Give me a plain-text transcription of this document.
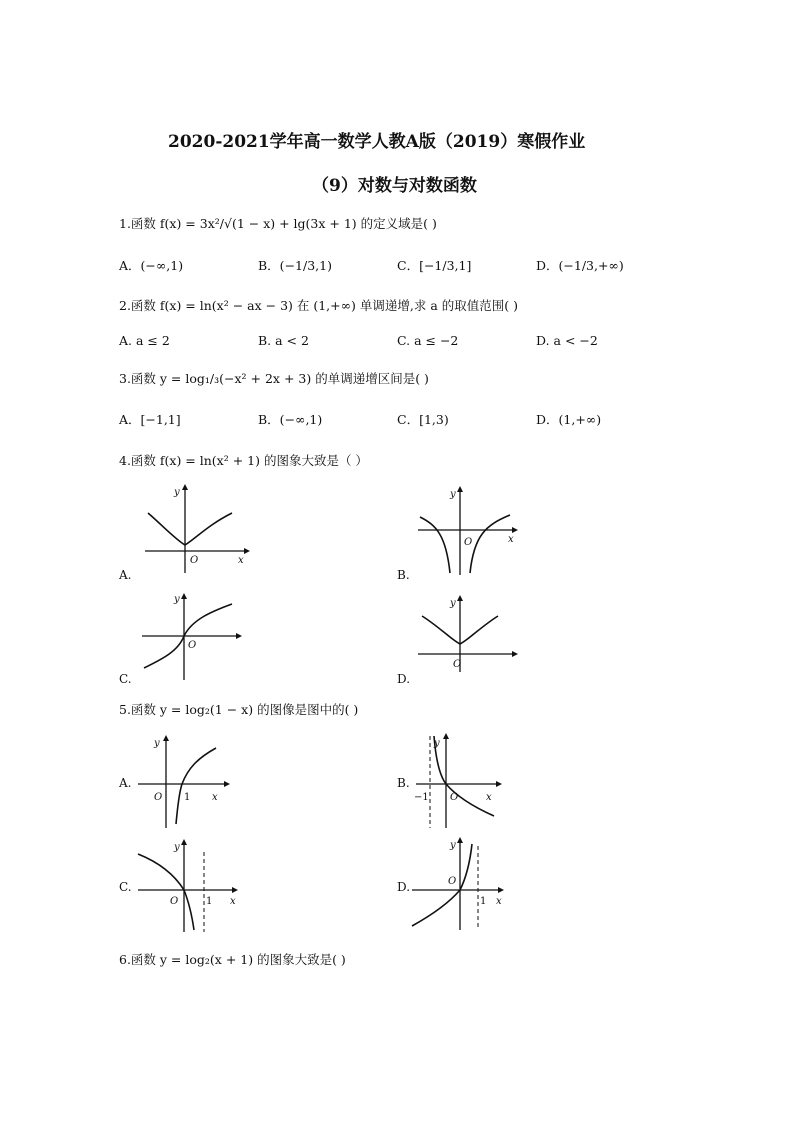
2020-2021学年高一数学人教A版（2019）寒假作业
（9）对数与对数函数
1.函数 f(x) = 3x²/√(1 − x) + lg(3x + 1) 的定义域是( )
A．(−∞,1)	B．(−1/3,1)	C．[−1/3,1]	D．(−1/3,+∞)
2.函数 f(x) = ln(x² − ax − 3) 在 (1,+∞) 单调递增,求 a 的取值范围( )
A. a ≤ 2	B. a < 2	C. a ≤ −2	D. a < −2
3.函数 y = log₁/₃(−x² + 2x + 3) 的单调递增区间是( )
A．[−1,1]	B．(−∞,1)	C．[1,3)	D．(1,+∞)
4.函数 f(x) = ln(x² + 1) 的图象大致是（ ）
O	x
y
A.
O	x
y
B.
O
y
C.
O
y
D.
5.函数 y = log₂(1 − x) 的图像是图中的( )
O 1 x
y
A.
−1 O	x
y
B.
O	1 x
y
C.	O
1 x
y
D.
6.函数 y = log₂(x + 1) 的图象大致是( )
